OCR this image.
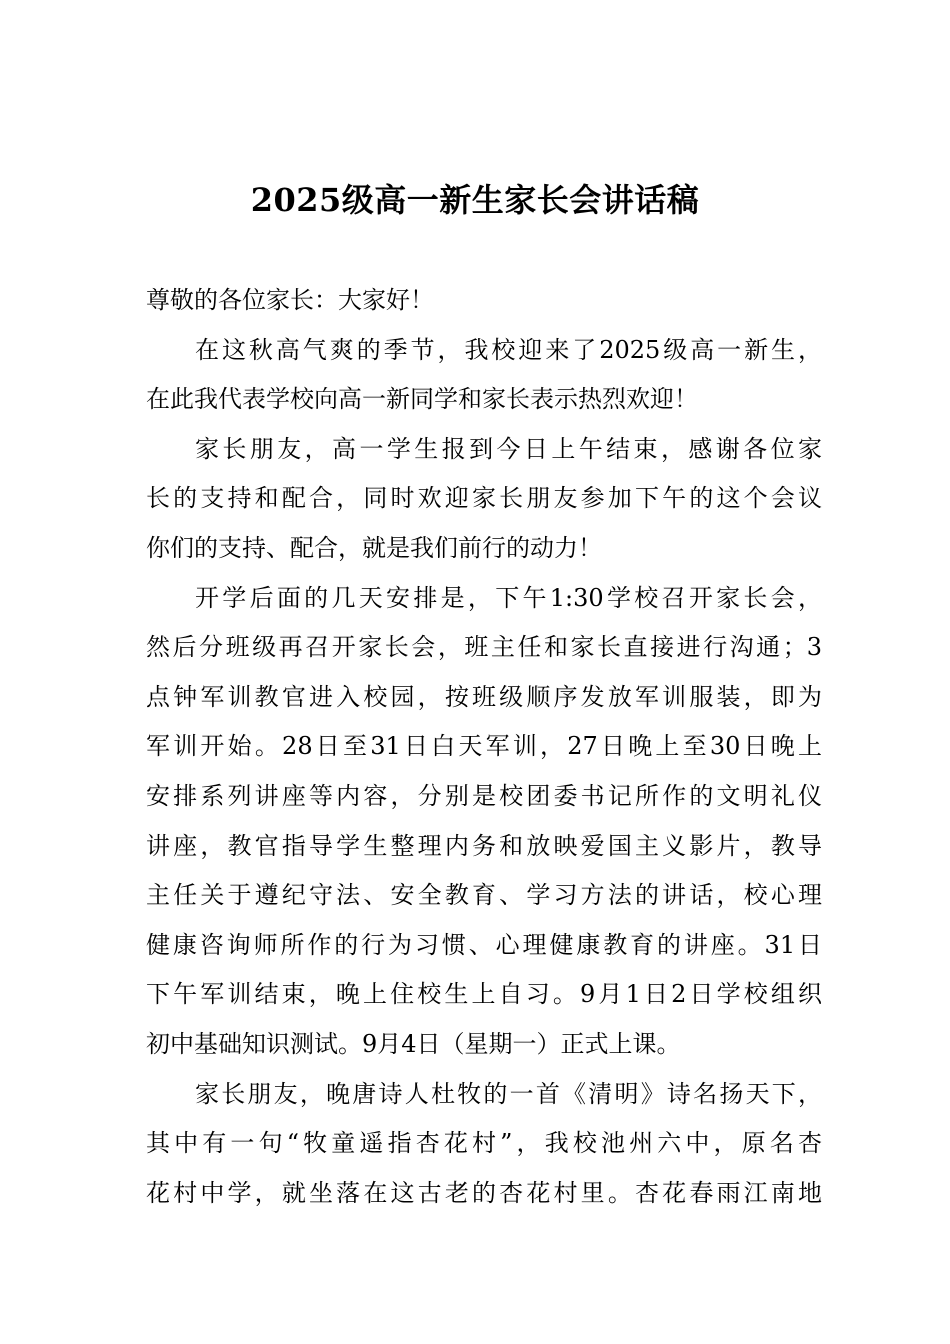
2025级高一新生家长会讲话稿
尊敬的各位家长：大家好！
在这秋高气爽的季节，我校迎来了2025级高一新生，
在此我代表学校向高一新同学和家长表示热烈欢迎！
家长朋友，高一学生报到今日上午结束，感谢各位家
长的支持和配合，同时欢迎家长朋友参加下午的这个会议
你们的支持、配合，就是我们前行的动力！
开学后面的几天安排是，下午1:30学校召开家长会，
然后分班级再召开家长会，班主任和家长直接进行沟通；3
点钟军训教官进入校园，按班级顺序发放军训服装，即为
军训开始。28日至31日白天军训，27日晚上至30日晚上
安排系列讲座等内容，分别是校团委书记所作的文明礼仪
讲座，教官指导学生整理内务和放映爱国主义影片，教导
主任关于遵纪守法、安全教育、学习方法的讲话，校心理
健康咨询师所作的行为习惯、心理健康教育的讲座。31日
下午军训结束，晚上住校生上自习。9月1日2日学校组织
初中基础知识测试。9月4日（星期一）正式上课。
家长朋友，晚唐诗人杜牧的一首《清明》诗名扬天下，
其中有一句“牧童遥指杏花村”，我校池州六中，原名杏
花村中学，就坐落在这古老的杏花村里。杏花春雨江南地
